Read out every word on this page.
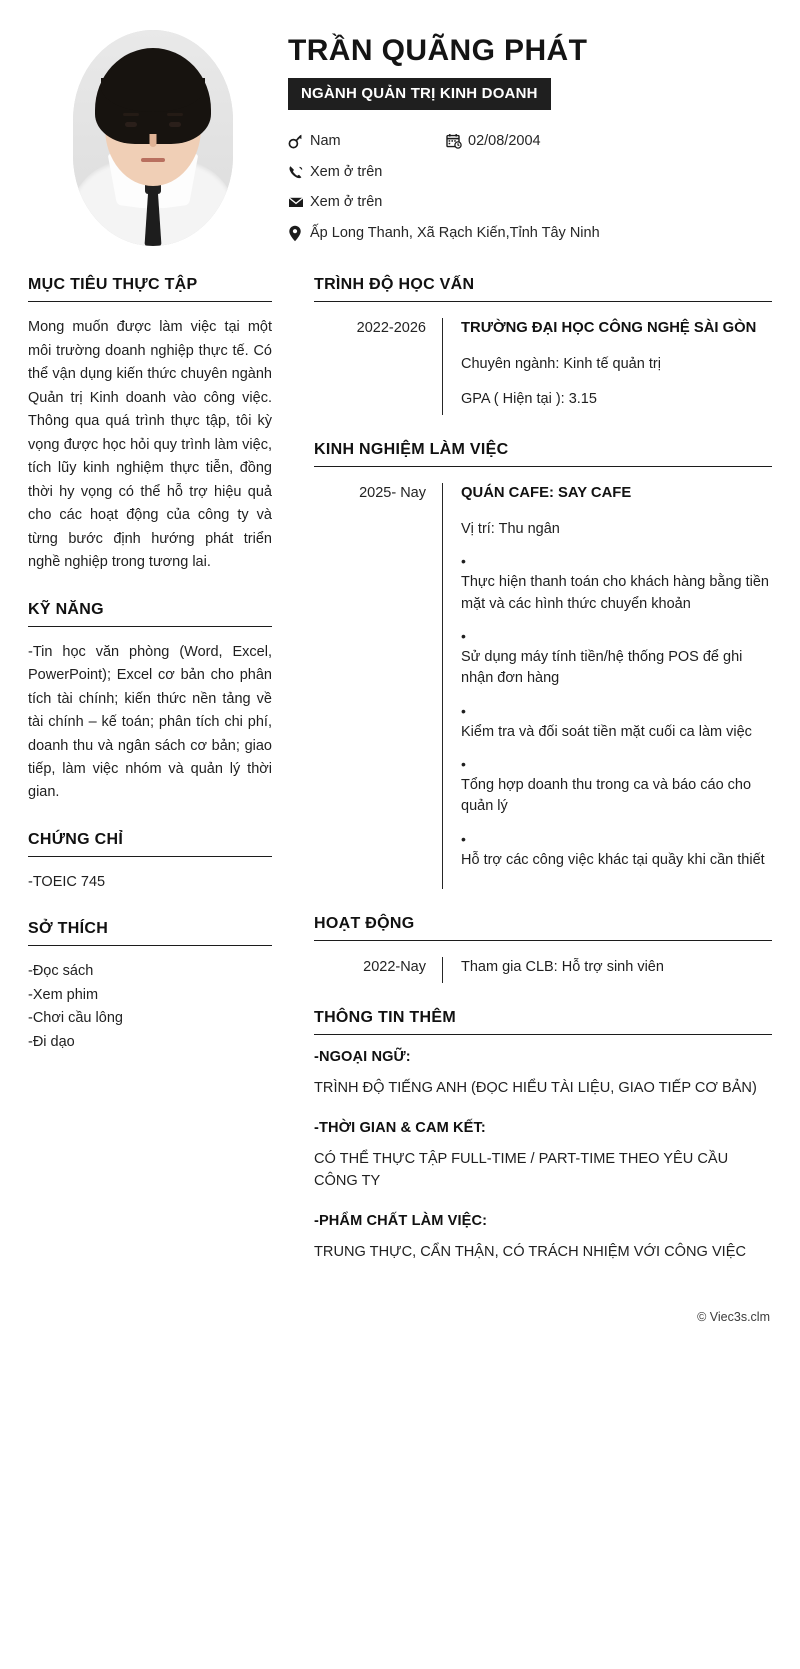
TRẦN QUÃNG PHÁT
NGÀNH QUẢN TRỊ KINH DOANH
Nam	02/08/2004
Xem ở trên
Xem ở trên
Ấp Long Thanh, Xã Rạch Kiến,Tỉnh Tây Ninh
MỤC TIÊU THỰC TẬP

Mong muốn được làm việc tại một môi trường doanh nghiệp thực tế. Có thể vận dụng kiến thức chuyên ngành Quản trị Kinh doanh vào công việc. Thông qua quá trình thực tập, tôi kỳ vọng được học hỏi quy trình làm việc, tích lũy kinh nghiệm thực tiễn, đồng thời hy vọng có thể hỗ trợ hiệu quả cho các hoạt động của công ty và từng bước định hướng phát triển nghề nghiệp trong tương lai.

KỸ NĂNG

-Tin học văn phòng (Word, Excel, PowerPoint); Excel cơ bản cho phân tích tài chính; kiến thức nền tảng về tài chính – kế toán; phân tích chi phí, doanh thu và ngân sách cơ bản; giao tiếp, làm việc nhóm và quản lý thời gian.

CHỨNG CHỈ
-TOEIC 745
SỞ THÍCH
-Đọc sách
-Xem phim
-Chơi cầu lông
-Đi dạo
TRÌNH ĐỘ HỌC VẤN
2022-2026	TRƯỜNG ĐẠI HỌC CÔNG NGHỆ SÀI GÒN
Chuyên ngành: Kinh tế quản trị
GPA ( Hiện tại ): 3.15
KINH NGHIỆM LÀM VIỆC
2025- Nay	QUÁN CAFE: SAY CAFE
Vị trí: Thu ngân
•
Thực hiện thanh toán cho khách hàng bằng tiền mặt và các hình thức chuyển khoản
•
Sử dụng máy tính tiền/hệ thống POS để ghi nhận đơn hàng
•
Kiểm tra và đối soát tiền mặt cuối ca làm việc
•
Tổng hợp doanh thu trong ca và báo cáo cho quản lý
•
Hỗ trợ các công việc khác tại quầy khi cần thiết
HOẠT ĐỘNG
2022-Nay	Tham gia CLB: Hỗ trợ sinh viên
THÔNG TIN THÊM
-NGOẠI NGỮ:
TRÌNH ĐỘ TIẾNG ANH (ĐỌC HIỂU TÀI LIỆU, GIAO TIẾP CƠ BẢN)
-THỜI GIAN & CAM KẾT:
CÓ THỂ THỰC TẬP FULL-TIME / PART-TIME THEO YÊU CẦU CÔNG TY
-PHẨM CHẤT LÀM VIỆC:
TRUNG THỰC, CẨN THẬN, CÓ TRÁCH NHIỆM VỚI CÔNG VIỆC
© Viec3s.clm
